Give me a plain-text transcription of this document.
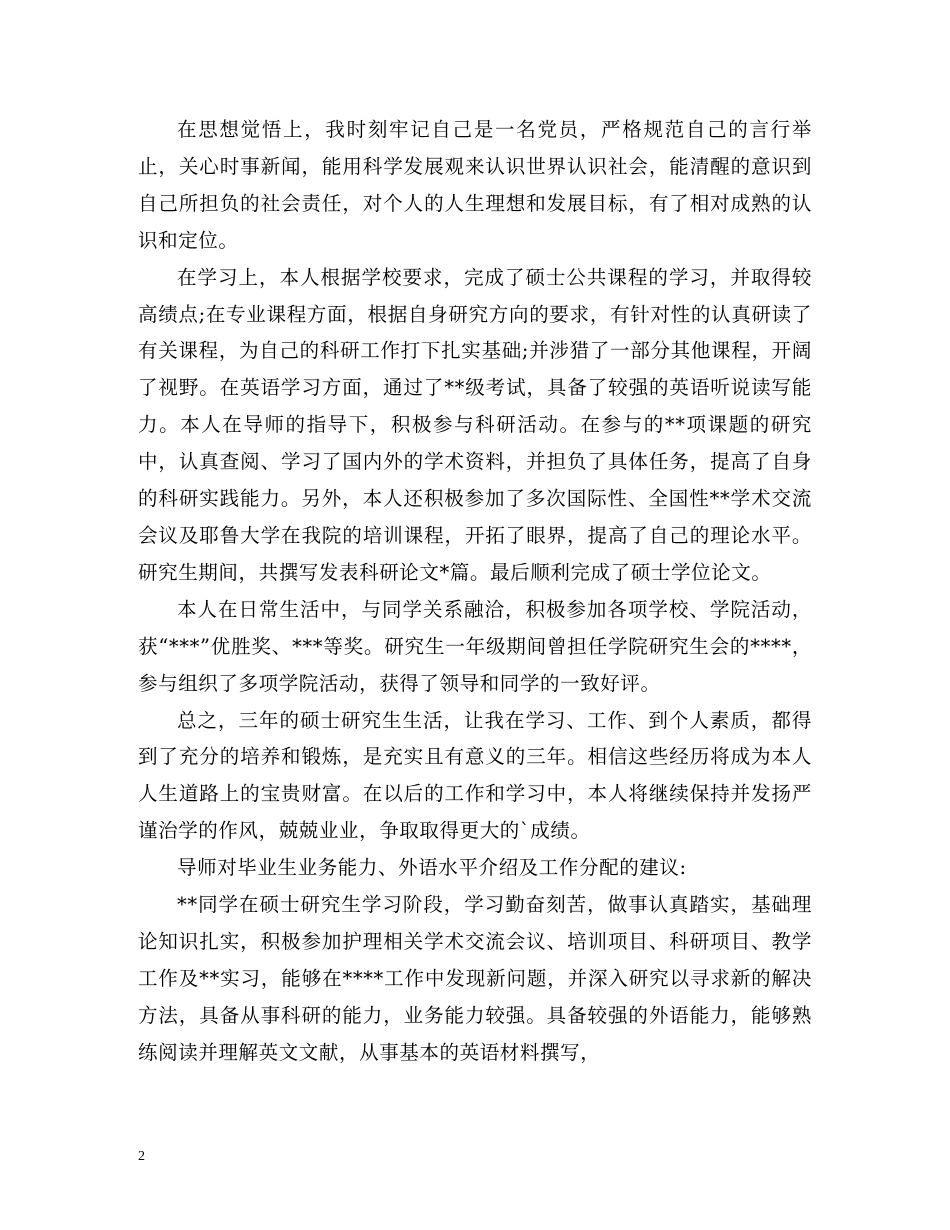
在思想觉悟上，我时刻牢记自己是一名党员，严格规范自己的言行举止，关心时事新闻，能用科学发展观来认识世界认识社会，能清醒的意识到自己所担负的社会责任，对个人的人生理想和发展目标，有了相对成熟的认识和定位。

在学习上，本人根据学校要求，完成了硕士公共课程的学习，并取得较高绩点;在专业课程方面，根据自身研究方向的要求，有针对性的认真研读了有关课程，为自己的科研工作打下扎实基础;并涉猎了一部分其他课程，开阔了视野。在英语学习方面，通过了**级考试，具备了较强的英语听说读写能力。本人在导师的指导下，积极参与科研活动。在参与的**项课题的研究中，认真查阅、学习了国内外的学术资料，并担负了具体任务，提高了自身的科研实践能力。另外，本人还积极参加了多次国际性、全国性**学术交流会议及耶鲁大学在我院的培训课程，开拓了眼界，提高了自己的理论水平。研究生期间，共撰写发表科研论文*篇。最后顺利完成了硕士学位论文。

本人在日常生活中，与同学关系融洽，积极参加各项学校、学院活动，获“***”优胜奖、***等奖。研究生一年级期间曾担任学院研究生会的****，参与组织了多项学院活动，获得了领导和同学的一致好评。

总之，三年的硕士研究生生活，让我在学习、工作、到个人素质，都得到了充分的培养和锻炼，是充实且有意义的三年。相信这些经历将成为本人人生道路上的宝贵财富。在以后的工作和学习中，本人将继续保持并发扬严谨治学的作风，兢兢业业，争取取得更大的`成绩。

导师对毕业生业务能力、外语水平介绍及工作分配的建议:

**同学在硕士研究生学习阶段，学习勤奋刻苦，做事认真踏实，基础理论知识扎实，积极参加护理相关学术交流会议、培训项目、科研项目、教学工作及**实习，能够在****工作中发现新问题，并深入研究以寻求新的解决方法，具备从事科研的能力，业务能力较强。具备较强的外语能力，能够熟练阅读并理解英文文献，从事基本的英语材料撰写，

2
